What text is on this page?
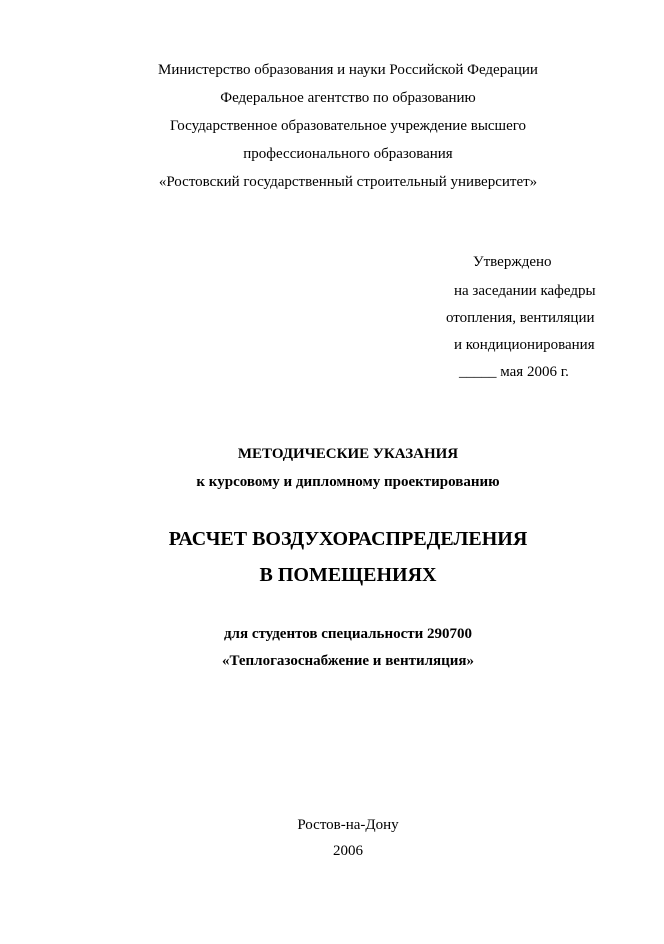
Министерство образования и науки Российской Федерации
Федеральное агентство по образованию
Государственное образовательное учреждение высшего
профессионального образования
«Ростовский государственный строительный университет»
Утверждено
на заседании кафедры
отопления, вентиляции
и кондиционирования
_____ мая 2006 г.
МЕТОДИЧЕСКИЕ УКАЗАНИЯ
к курсовому и дипломному проектированию
РАСЧЕТ ВОЗДУХОРАСПРЕДЕЛЕНИЯ
В ПОМЕЩЕНИЯХ
для студентов специальности 290700
«Теплогазоснабжение и вентиляция»
Ростов-на-Дону
2006
